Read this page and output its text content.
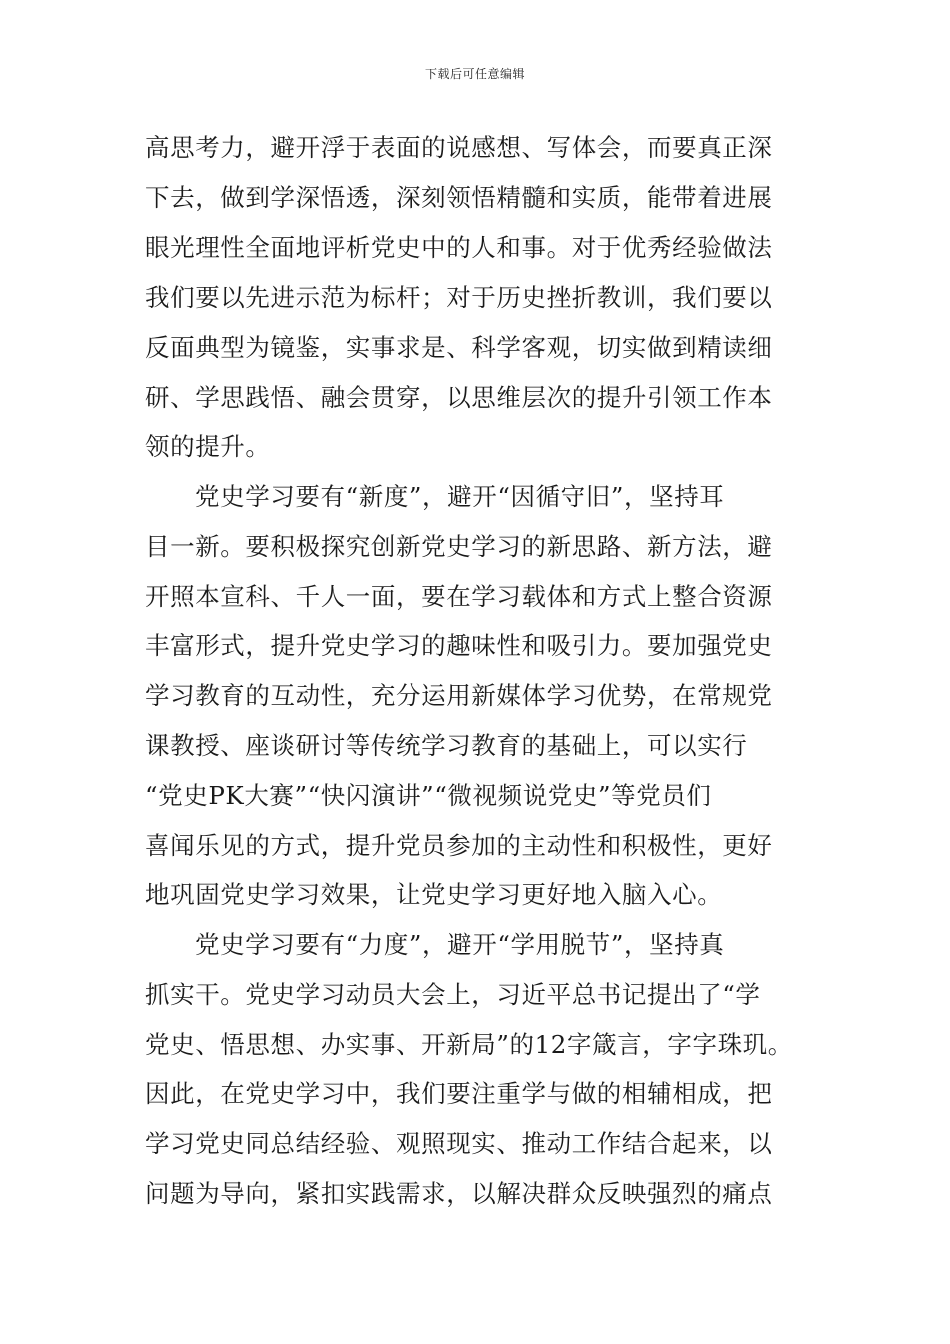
下载后可任意编辑
高思考力，避开浮于表面的说感想、写体会，而要真正深
下去，做到学深悟透，深刻领悟精髓和实质，能带着进展
眼光理性全面地评析党史中的人和事。对于优秀经验做法
我们要以先进示范为标杆；对于历史挫折教训，我们要以
反面典型为镜鉴，实事求是、科学客观，切实做到精读细
研、学思践悟、融会贯穿，以思维层次的提升引领工作本
领的提升。
党史学习要有“新度”，避开“因循守旧”，坚持耳
目一新。要积极探究创新党史学习的新思路、新方法，避
开照本宣科、千人一面，要在学习载体和方式上整合资源
丰富形式，提升党史学习的趣味性和吸引力。要加强党史
学习教育的互动性，充分运用新媒体学习优势，在常规党
课教授、座谈研讨等传统学习教育的基础上，可以实行
“党史PK大赛”“快闪演讲”“微视频说党史”等党员们
喜闻乐见的方式，提升党员参加的主动性和积极性，更好
地巩固党史学习效果，让党史学习更好地入脑入心。
党史学习要有“力度”，避开“学用脱节”，坚持真
抓实干。党史学习动员大会上，习近平总书记提出了“学
党史、悟思想、办实事、开新局”的12字箴言，字字珠玑。
因此，在党史学习中，我们要注重学与做的相辅相成，把
学习党史同总结经验、观照现实、推动工作结合起来，以
问题为导向，紧扣实践需求，以解决群众反映强烈的痛点
